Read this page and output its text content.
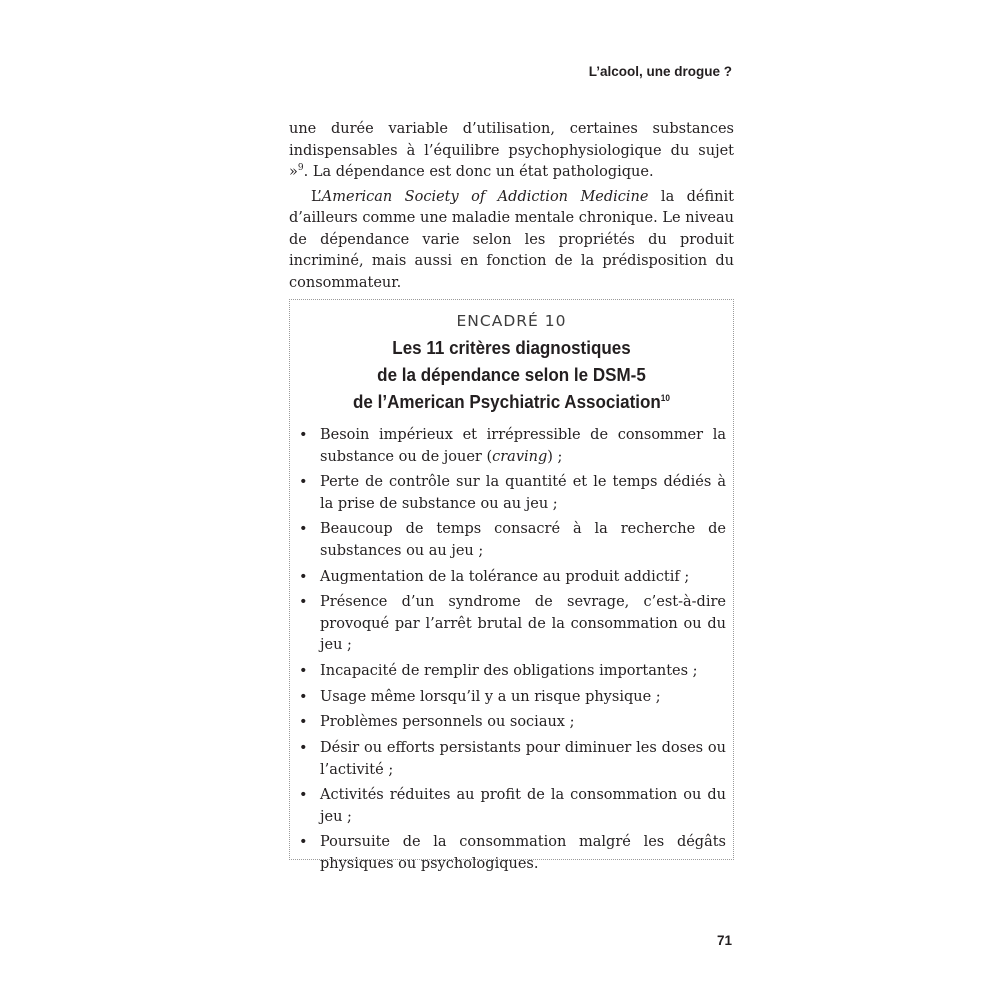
L’alcool, une drogue ?

une durée variable d’utilisation, certaines substances indispensables à l’équilibre psychophysiologique du sujet »$^9$. La dépendance est donc un état pathologique.

L’American Society of Addiction Medicine la définit d’ailleurs comme une maladie mentale chronique. Le niveau de dépendance varie selon les propriétés du produit incriminé, mais aussi en fonction de la prédisposition du consommateur.

ENCADRÉ 10
Les 11 critères diagnostiques
de la dépendance selon le DSM-5
de l’American Psychiatric Association$^{10}$
• Besoin impérieux et irrépressible de consommer la substance ou de jouer (craving) ;
• Perte de contrôle sur la quantité et le temps dédiés à la prise de substance ou au jeu ;
• Beaucoup de temps consacré à la recherche de substances ou au jeu ;
• Augmentation de la tolérance au produit addictif ;
• Présence d’un syndrome de sevrage, c’est-à-dire provoqué par l’arrêt brutal de la consommation ou du jeu ;
• Incapacité de remplir des obligations importantes ;
• Usage même lorsqu’il y a un risque physique ;
• Problèmes personnels ou sociaux ;
• Désir ou efforts persistants pour diminuer les doses ou l’activité ;
• Activités réduites au profit de la consommation ou du jeu ;
• Poursuite de la consommation malgré les dégâts physiques ou psychologiques.
71
